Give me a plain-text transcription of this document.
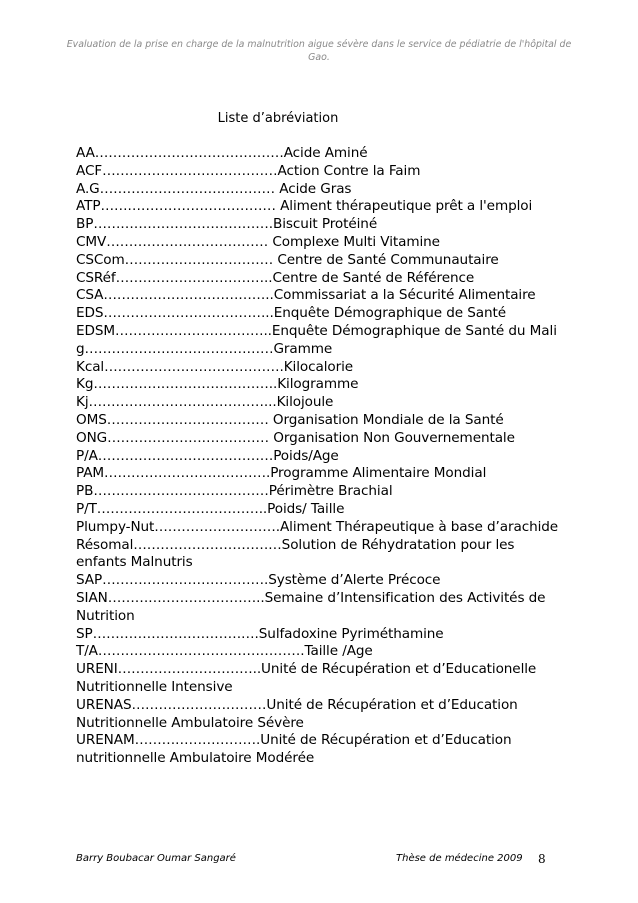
Evaluation de la prise en charge de la malnutrition aigue sévère dans le service de pédiatrie de l'hôpital de Gao.
Liste d’abréviation
AA……………………………………Acide Aminé
ACF…………………………………Action Contre la Faim
A.G………………………………… Acide Gras
ATP………………………………… Aliment thérapeutique prêt a l'emploi
BP………………………………….Biscuit Protéiné
CMV……………………………… Complexe Multi Vitamine
CSCom…………………………… Centre de Santé Communautaire
CSRéf……………………………..Centre de Santé de Référence
CSA………………………………..Commissariat a la Sécurité Alimentaire
EDS………………………………..Enquête Démographique de Santé
EDSM……………………………..Enquête Démographique de Santé du Mali
g……………………………………Gramme
Kcal………………………………….Kilocalorie
Kg…………………………………..Kilogramme
Kj…………………………………...Kilojoule
OMS……………………………… Organisation Mondiale de la Santé
ONG……………………………… Organisation Non Gouvernementale
P/A…………………………………Poids/Age
PAM……………………………….Programme Alimentaire Mondial
PB…………………………………Périmètre Brachial
P/T………………………………..Poids/ Taille
Plumpy-Nut……………………….Aliment Thérapeutique à base d’arachide
Résomal……………………………Solution de Réhydratation pour les enfants Malnutris
SAP……………………………….Système d’Alerte Précoce
SIAN……………………………..Semaine d’Intensification des Activités de Nutrition
SP……………………………….Sulfadoxine Pyriméthamine
T/A……………………………………….Taille /Age
URENI…………………………..Unité de Récupération et d’Educationelle Nutritionnelle Intensive
URENAS…………………………Unité de Récupération et d’Education Nutritionnelle Ambulatoire Sévère
URENAM……………………….Unité de Récupération et d’Education nutritionnelle Ambulatoire Modérée
Barry Boubacar Oumar Sangaré	Thèse de médecine 2009 8
